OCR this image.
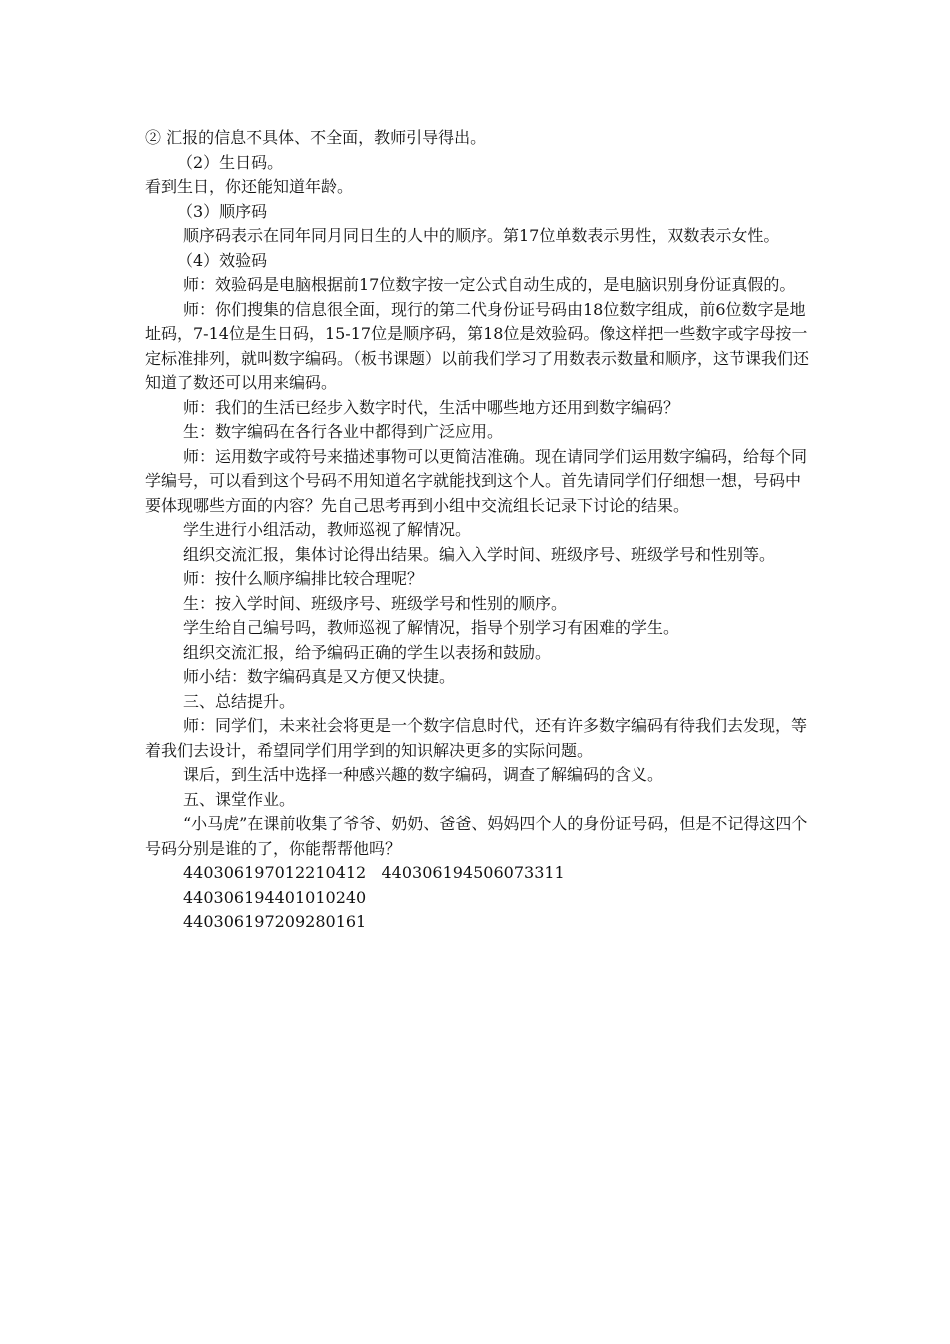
② 汇报的信息不具体、不全面，教师引导得出。

（2）生日码。

看到生日，你还能知道年龄。

（3）顺序码

顺序码表示在同年同月同日生的人中的顺序。第17位单数表示男性，双数表示女性。

（4）效验码

师：效验码是电脑根据前17位数字按一定公式自动生成的，是电脑识别身份证真假的。

师：你们搜集的信息很全面，现行的第二代身份证号码由18位数字组成，前6位数字是地址码，7-14位是生日码，15-17位是顺序码，第18位是效验码。像这样把一些数字或字母按一定标准排列，就叫数字编码。（板书课题）以前我们学习了用数表示数量和顺序，这节课我们还知道了数还可以用来编码。

师：我们的生活已经步入数字时代，生活中哪些地方还用到数字编码？

生：数字编码在各行各业中都得到广泛应用。

师：运用数字或符号来描述事物可以更简洁准确。现在请同学们运用数字编码，给每个同学编号，可以看到这个号码不用知道名字就能找到这个人。首先请同学们仔细想一想，号码中要体现哪些方面的内容？先自己思考再到小组中交流组长记录下讨论的结果。

学生进行小组活动，教师巡视了解情况。

组织交流汇报，集体讨论得出结果。编入入学时间、班级序号、班级学号和性别等。

师：按什么顺序编排比较合理呢？

生：按入学时间、班级序号、班级学号和性别的顺序。

学生给自己编号吗，教师巡视了解情况，指导个别学习有困难的学生。

组织交流汇报，给予编码正确的学生以表扬和鼓励。

师小结：数字编码真是又方便又快捷。

三、总结提升。

师：同学们，未来社会将更是一个数字信息时代，还有许多数字编码有待我们去发现，等着我们去设计，希望同学们用学到的知识解决更多的实际问题。

课后，到生活中选择一种感兴趣的数字编码，调查了解编码的含义。

五、课堂作业。

“小马虎”在课前收集了爷爷、奶奶、爸爸、妈妈四个人的身份证号码，但是不记得这四个号码分别是谁的了，你能帮帮他吗？

440306197012210412   440306194506073311

440306194401010240

440306197209280161
